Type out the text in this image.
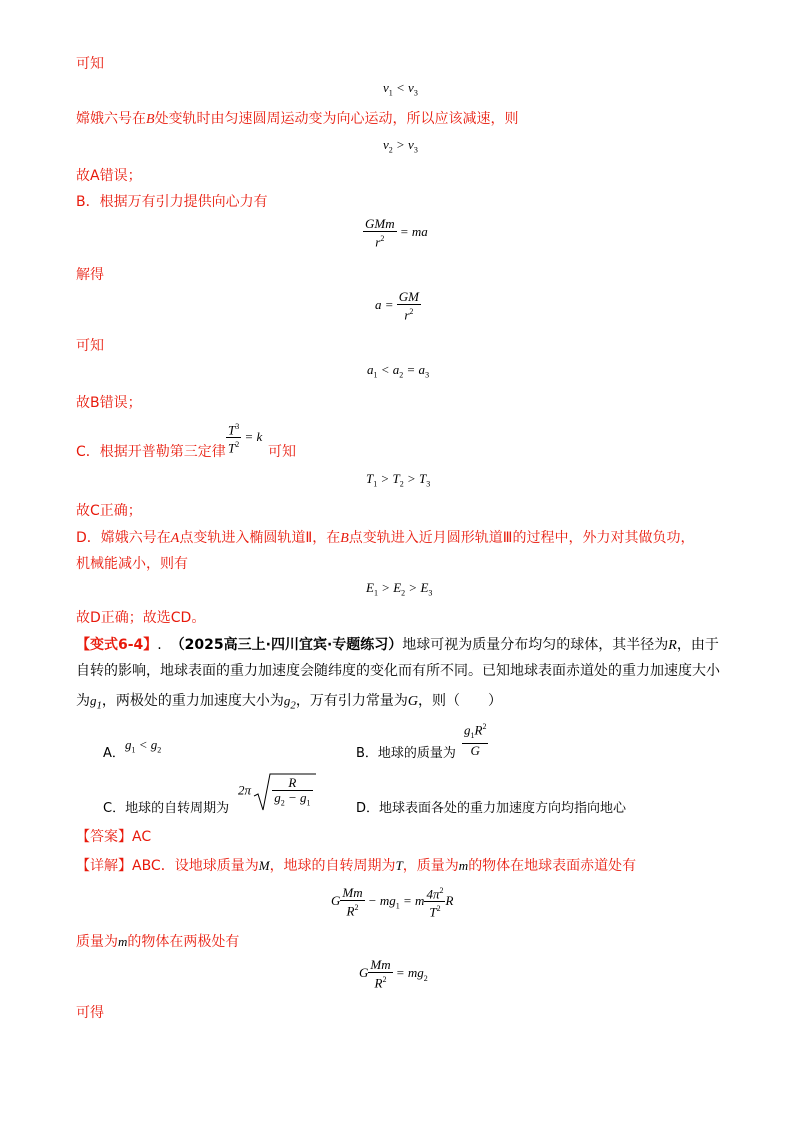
可知
$v_1 < v_3$
嫦娥六号在B处变轨时由匀速圆周运动变为向心运动，所以应该减速，则
$v_2 > v_3$
故A错误；
B．根据万有引力提供向心力有
$\frac{\text{GMm}}{r^2}$ = ma
解得
$a = \frac{GM}{r^2}$
可知
$a_1 < a_2 = a_3$
故B错误；
C．根据开普勒第三定律 $\frac{T^3}{T^2} = k$
可知
$T_1 > T_2 > T_3$
故C正确；
D．嫦娥六号在A点变轨进入椭圆轨道Ⅱ，在B点变轨进入近月圆形轨道Ⅲ的过程中，外力对其做负功，
机械能减小，则有
$E_1 > E_2 > E_3$
故D正确；故选CD。
【变式6-4】. （2025高三上·四川宜宾·专题练习）地球可视为质量分布均匀的球体，其半径为R，由于
自转的影响，地球表面的重力加速度会随纬度的变化而有所不同。已知地球表面赤道处的重力加速度大小
为$g_1$，两极处的重力加速度大小为$g_2$，万有引力常量为G，则（　　）
A．
$g_1 < g_2$	B．地球的质量为 $\frac{g_1R^2}{G}$
C．地球的自转周期为
$2\pi \frac{R}{g_2 - g_1}$	D．地球表面各处的重力加速度方向均指向地心
【答案】AC
【详解】ABC．设地球质量为M，地球的自转周期为T，质量为m的物体在地球表面赤道处有
G $\frac{Mm}{R^2} - mg_1 = m \frac{4\pi^2}{T^2}$ R
质量为m的物体在两极处有
G $\frac{Mm}{R^2} = mg_2$
可得
